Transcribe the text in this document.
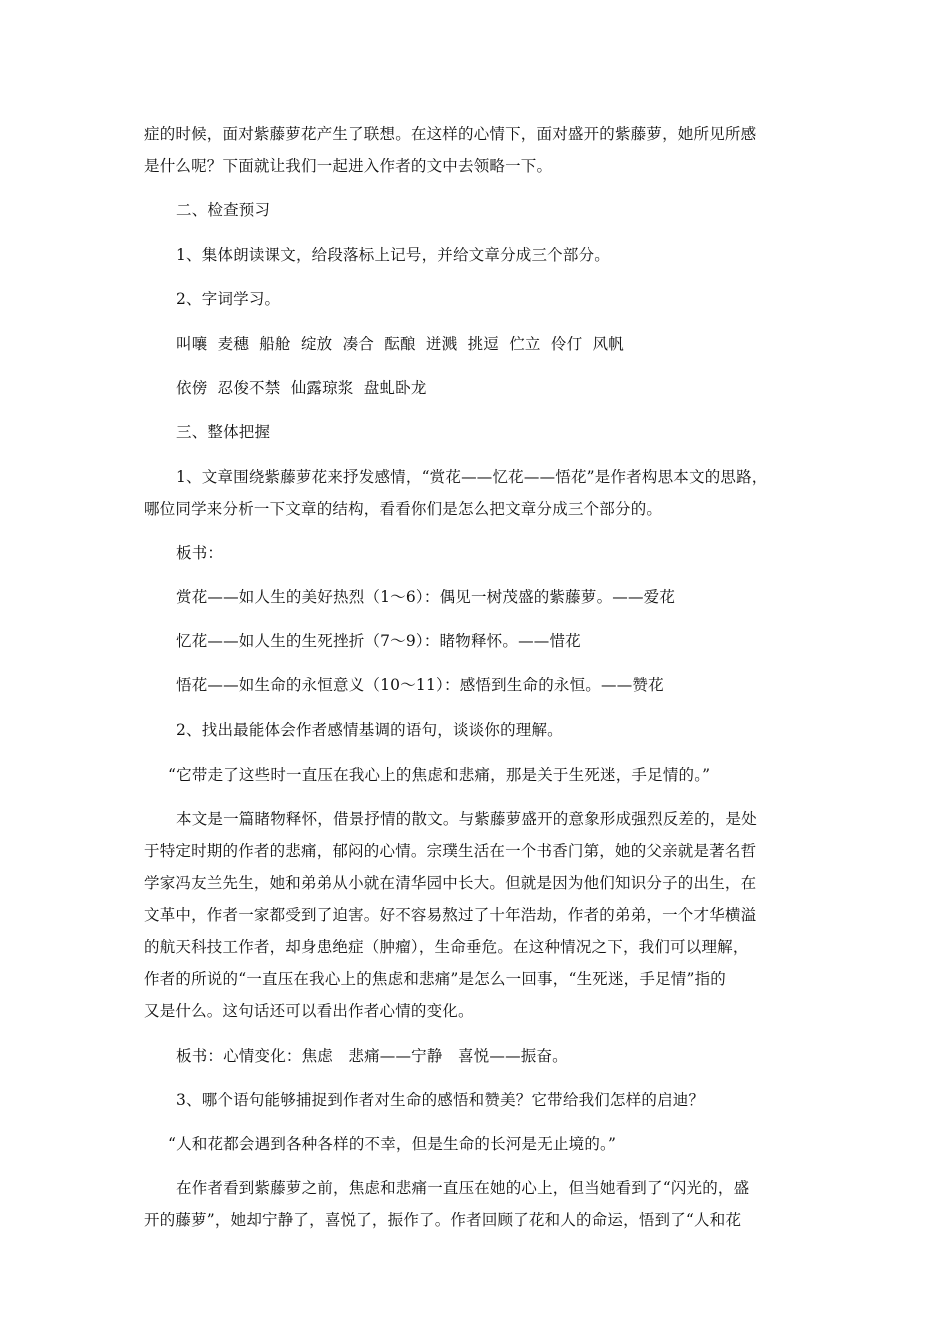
症的时候，面对紫藤萝花产生了联想。在这样的心情下，面对盛开的紫藤萝，她所见所感
是什么呢？下面就让我们一起进入作者的文中去领略一下。
二、检查预习
1、集体朗读课文，给段落标上记号，并给文章分成三个部分。
2、字词学习。
叫嚷  麦穗  船舱  绽放  凑合  酝酿  迸溅  挑逗  伫立  伶仃  风帆
依傍  忍俊不禁  仙露琼浆  盘虬卧龙
三、整体把握
1、文章围绕紫藤萝花来抒发感情，“赏花——忆花——悟花”是作者构思本文的思路，
哪位同学来分析一下文章的结构，看看你们是怎么把文章分成三个部分的。
板书：
赏花——如人生的美好热烈（1～6）：偶见一树茂盛的紫藤萝。——爱花
忆花——如人生的生死挫折（7～9）：睹物释怀。——惜花
悟花——如生命的永恒意义（10～11）：感悟到生命的永恒。——赞花
2、找出最能体会作者感情基调的语句，谈谈你的理解。
“它带走了这些时一直压在我心上的焦虑和悲痛，那是关于生死迷，手足情的。”
本文是一篇睹物释怀，借景抒情的散文。与紫藤萝盛开的意象形成强烈反差的，是处
于特定时期的作者的悲痛，郁闷的心情。宗璞生活在一个书香门第，她的父亲就是著名哲
学家冯友兰先生，她和弟弟从小就在清华园中长大。但就是因为他们知识分子的出生，在
文革中，作者一家都受到了迫害。好不容易熬过了十年浩劫，作者的弟弟，一个才华横溢
的航天科技工作者，却身患绝症（肿瘤），生命垂危。在这种情况之下，我们可以理解，
作者的所说的“一直压在我心上的焦虑和悲痛”是怎么一回事，“生死迷，手足情”指的
又是什么。这句话还可以看出作者心情的变化。
板书：心情变化：焦虑   悲痛——宁静   喜悦——振奋。
3、哪个语句能够捕捉到作者对生命的感悟和赞美？它带给我们怎样的启迪？
“人和花都会遇到各种各样的不幸，但是生命的长河是无止境的。”
在作者看到紫藤萝之前，焦虑和悲痛一直压在她的心上，但当她看到了“闪光的，盛
开的藤萝”，她却宁静了，喜悦了，振作了。作者回顾了花和人的命运，悟到了“人和花
